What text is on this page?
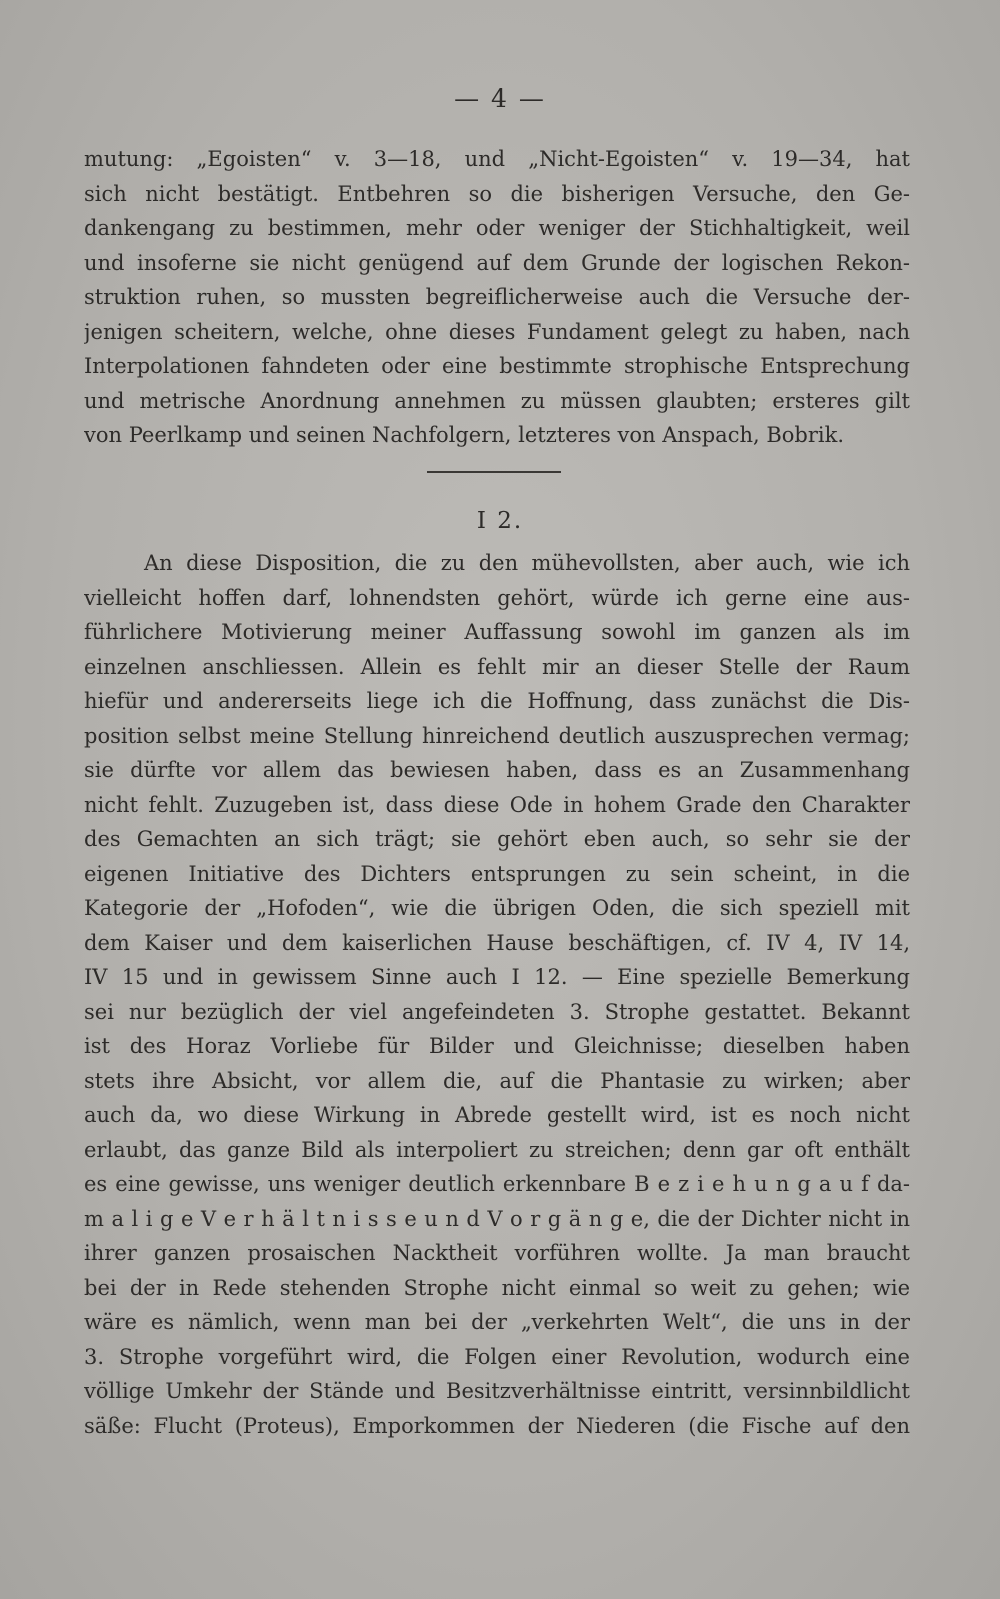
— 4 —
mutung: „Egoisten“ v. 3—18, und „Nicht-Egoisten“ v. 19—34, hat
sich nicht bestätigt. Entbehren so die bisherigen Versuche, den Ge-
dankengang zu bestimmen, mehr oder weniger der Stichhaltigkeit, weil
und insoferne sie nicht genügend auf dem Grunde der logischen Rekon-
struktion ruhen, so mussten begreiflicherweise auch die Versuche der-
jenigen scheitern, welche, ohne dieses Fundament gelegt zu haben, nach
Interpolationen fahndeten oder eine bestimmte strophische Entsprechung
und metrische Anordnung annehmen zu müssen glaubten; ersteres gilt
von Peerlkamp und seinen Nachfolgern, letzteres von Anspach, Bobrik.
I 2.
An diese Disposition, die zu den mühevollsten, aber auch, wie ich
vielleicht hoffen darf, lohnendsten gehört, würde ich gerne eine aus-
führlichere Motivierung meiner Auffassung sowohl im ganzen als im
einzelnen anschliessen. Allein es fehlt mir an dieser Stelle der Raum
hiefür und andererseits liege ich die Hoffnung, dass zunächst die Dis-
position selbst meine Stellung hinreichend deutlich auszusprechen vermag;
sie dürfte vor allem das bewiesen haben, dass es an Zusammenhang
nicht fehlt. Zuzugeben ist, dass diese Ode in hohem Grade den Charakter
des Gemachten an sich trägt; sie gehört eben auch, so sehr sie der
eigenen Initiative des Dichters entsprungen zu sein scheint, in die
Kategorie der „Hofoden“, wie die übrigen Oden, die sich speziell mit
dem Kaiser und dem kaiserlichen Hause beschäftigen, cf. IV 4, IV 14,
IV 15 und in gewissem Sinne auch I 12. — Eine spezielle Bemerkung
sei nur bezüglich der viel angefeindeten 3. Strophe gestattet. Bekannt
ist des Horaz Vorliebe für Bilder und Gleichnisse; dieselben haben
stets ihre Absicht, vor allem die, auf die Phantasie zu wirken; aber
auch da, wo diese Wirkung in Abrede gestellt wird, ist es noch nicht
erlaubt, das ganze Bild als interpoliert zu streichen; denn gar oft enthält
es eine gewisse, uns weniger deutlich erkennbare B e z i e h u n g a u f da-
m a l i g e V e r h ä l t n i s s e u n d V o r g ä n g e, die der Dichter nicht in
ihrer ganzen prosaischen Nacktheit vorführen wollte. Ja man braucht
bei der in Rede stehenden Strophe nicht einmal so weit zu gehen; wie
wäre es nämlich, wenn man bei der „verkehrten Welt“, die uns in der
3. Strophe vorgeführt wird, die Folgen einer Revolution, wodurch eine
völlige Umkehr der Stände und Besitzverhältnisse eintritt, versinnbildlicht
säße: Flucht (Proteus), Emporkommen der Niederen (die Fische auf den
